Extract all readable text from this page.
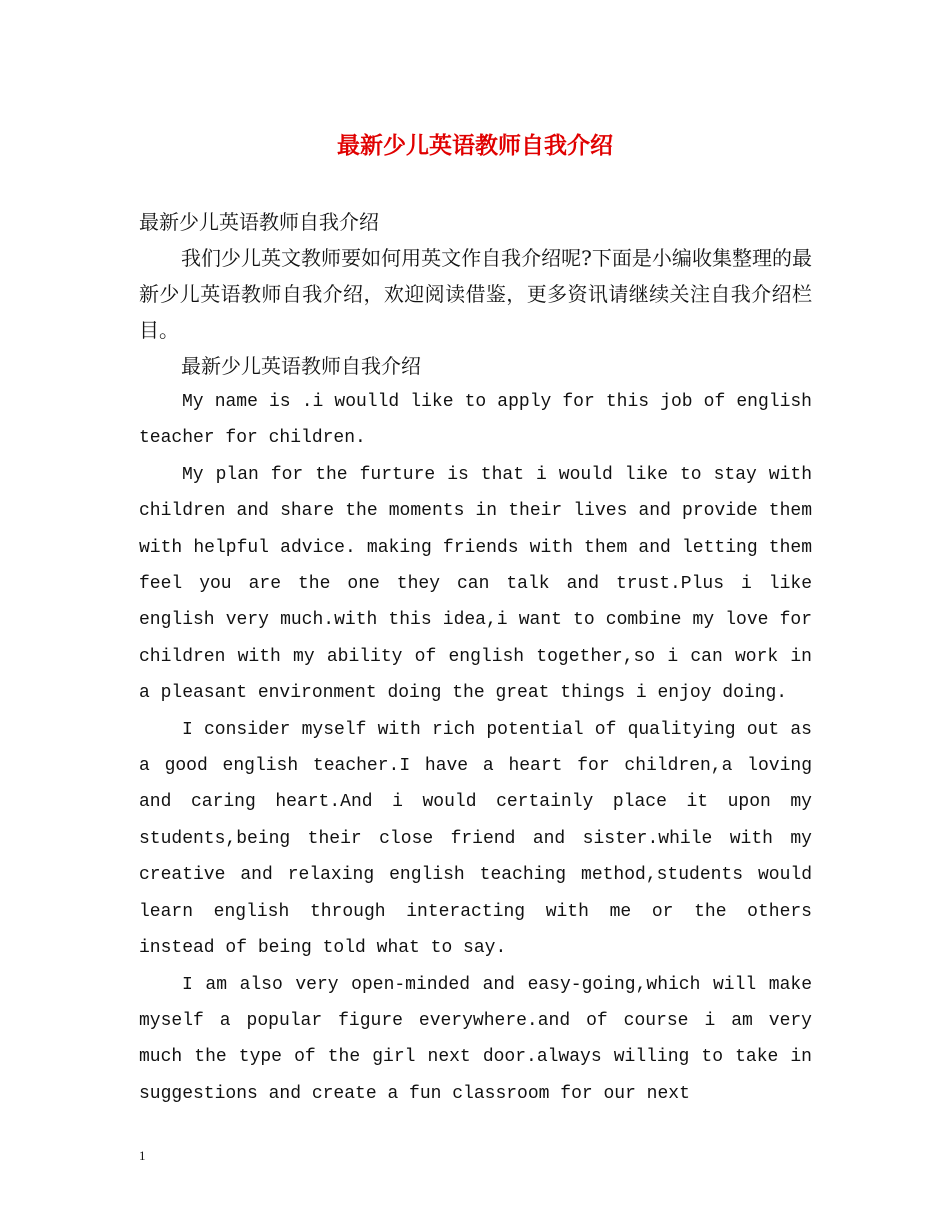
最新少儿英语教师自我介绍

最新少儿英语教师自我介绍

我们少儿英文教师要如何用英文作自我介绍呢?下面是小编收集整理的最新少儿英语教师自我介绍，欢迎阅读借鉴，更多资讯请继续关注自我介绍栏目。

最新少儿英语教师自我介绍

My name is .i woulld like to apply for this job of english teacher for children.

My plan for the furture is that i would like to stay with children and share the moments in their lives and provide them with helpful advice. making friends with them and letting them feel you are the one they can talk and trust.Plus i like english very much.with this idea,i want to combine my love for children with my ability of english together,so i can work in a pleasant environment doing the great things i enjoy doing.

I consider myself with rich potential of qualitying out as a good english teacher.I have a heart for children,a loving and caring heart.And i would certainly place it upon my students,being their close friend and sister.while with my creative and relaxing english teaching method,students would learn english through interacting with me or the others instead of being told what to say.

I am also very open-minded and easy-going,which will make myself a popular figure everywhere.and of course i am very much the type of the girl next door.always willing to take in suggestions and create a fun classroom for our next

1
